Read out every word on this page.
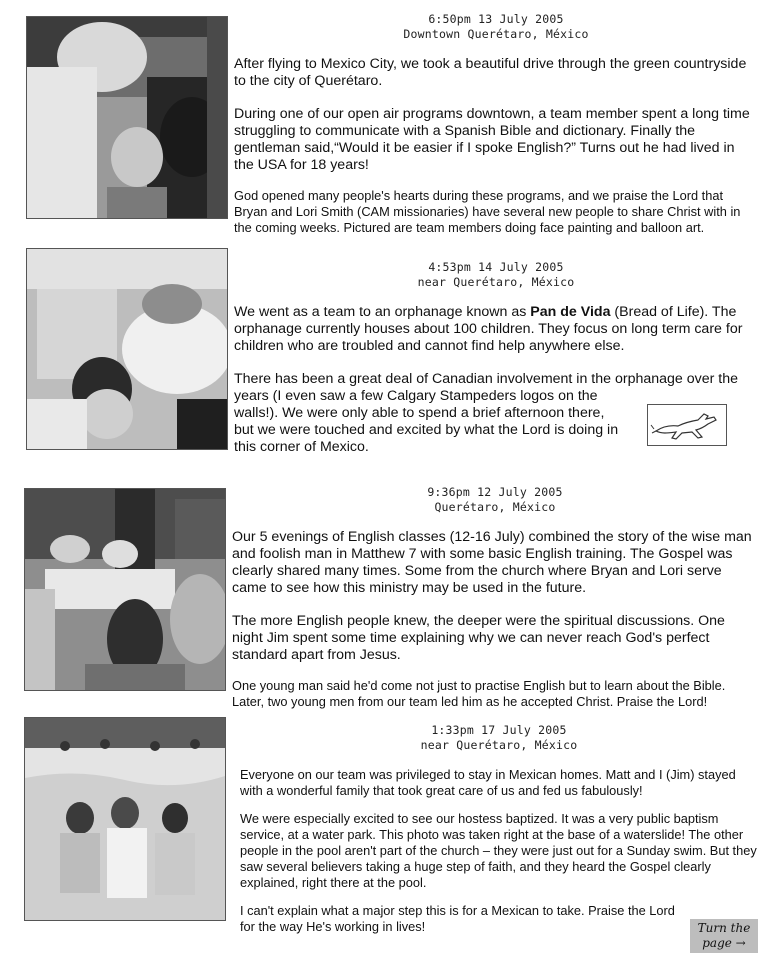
6:50pm 13 July 2005
Downtown Querétaro, México

After flying to Mexico City, we took a beautiful drive through the green countryside to the city of Querétaro.

During one of our open air programs downtown, a team member spent a long time struggling to communicate with a Spanish Bible and dictionary. Finally the gentleman said,“Would it be easier if I spoke English?” Turns out he had lived in the USA for 18 years!

God opened many people's hearts during these programs, and we praise the Lord that Bryan and Lori Smith (CAM missionaries) have several new people to share Christ with in the coming weeks. Pictured are team members doing face painting and balloon art.

4:53pm 14 July 2005
near Querétaro, México

We went as a team to an orphanage known as Pan de Vida (Bread of Life). The orphanage currently houses about 100 children. They focus on long term care for children who are troubled and cannot find help anywhere else.

There has been a great deal of Canadian involvement in the orphanage over the
years (I even saw a few Calgary Stampeders logos on the
walls!). We were only able to spend a brief afternoon there,
but we were touched and excited by what the Lord is doing in
this corner of Mexico.

9:36pm 12 July 2005
Querétaro, México

Our 5 evenings of English classes (12-16 July) combined the story of the wise man and foolish man in Matthew 7 with some basic English training. The Gospel was clearly shared many times. Some from the church where Bryan and Lori serve came to see how this ministry may be used in the future.

The more English people knew, the deeper were the spiritual discussions. One night Jim spent some time explaining why we can never reach God's perfect standard apart from Jesus.

One young man said he'd come not just to practise English but to learn about the Bible. Later, two young men from our team led him as he accepted Christ. Praise the Lord!

1:33pm 17 July 2005
near Querétaro, México

Everyone on our team was privileged to stay in Mexican homes. Matt and I (Jim) stayed with a wonderful family that took great care of us and fed us fabulously!

We were especially excited to see our hostess baptized. It was a very public baptism service, at a water park. This photo was taken right at the base of a waterslide! The other people in the pool aren't part of the church – they were just out for a Sunday swim. But they saw several believers taking a huge step of faith, and they heard the Gospel clearly explained, right there at the pool.

I can't explain what a major step this is for a Mexican to take. Praise the Lord for the way He's working in lives!	Turn the
page →
